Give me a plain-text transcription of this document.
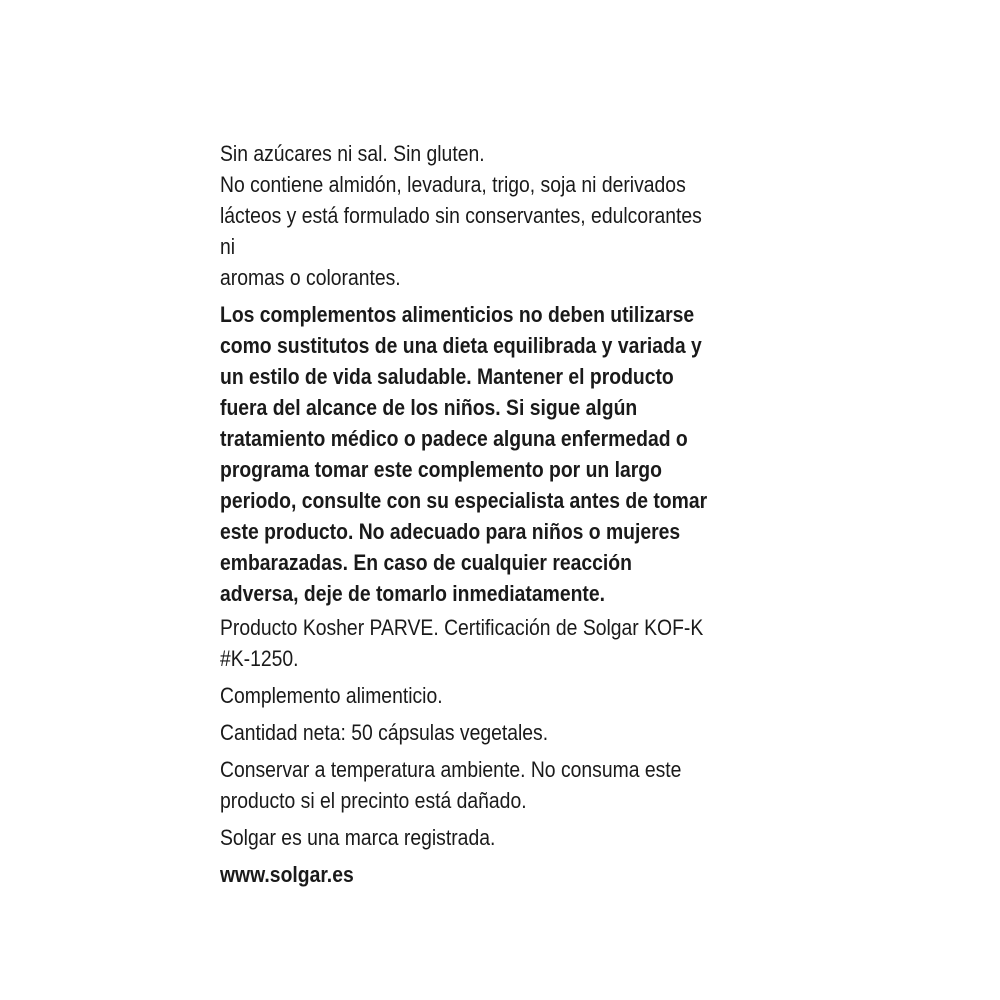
Sin azúcares ni sal. Sin gluten.

No contiene almidón, levadura, trigo, soja ni derivados
lácteos y está formulado sin conservantes, edulcorantes ni
aromas o colorantes.

Los complementos alimenticios no deben utilizarse
como sustitutos de una dieta equilibrada y variada y
un estilo de vida saludable. Mantener el producto
fuera del alcance de los niños. Si sigue algún
tratamiento médico o padece alguna enfermedad o
programa tomar este complemento por un largo
periodo, consulte con su especialista antes de tomar
este producto. No adecuado para niños o mujeres
embarazadas. En caso de cualquier reacción
adversa, deje de tomarlo inmediatamente.

Producto Kosher PARVE. Certificación de Solgar KOF-K
#K-1250.

Complemento alimenticio.

Cantidad neta: 50 cápsulas vegetales.

Conservar a temperatura ambiente. No consuma este
producto si el precinto está dañado.

Solgar es una marca registrada.

www.solgar.es
